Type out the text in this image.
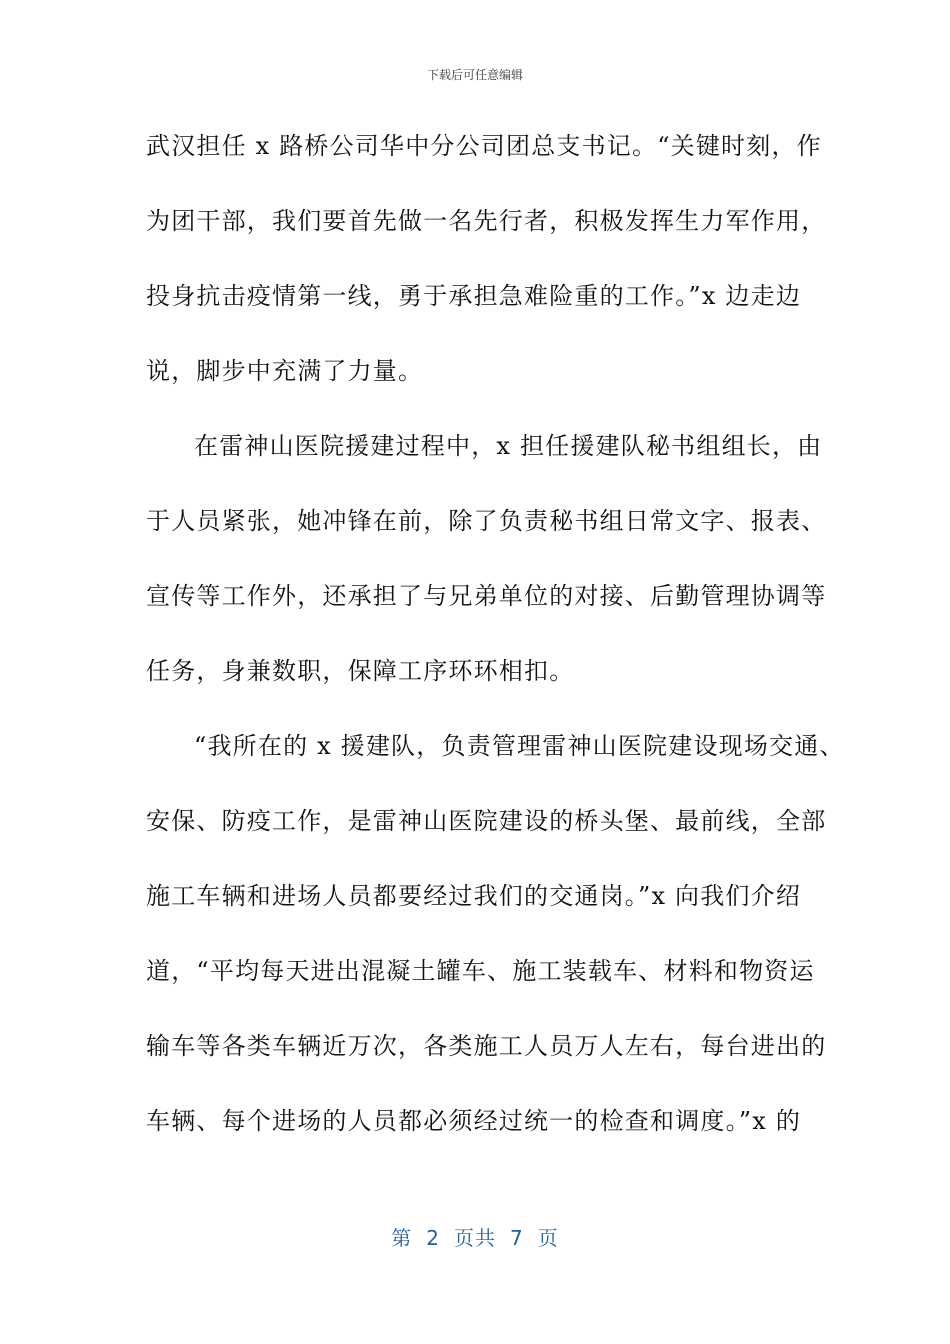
下载后可任意编辑
武汉担任 x 路桥公司华中分公司团总支书记。“关键时刻，作
为团干部，我们要首先做一名先行者，积极发挥生力军作用，
投身抗击疫情第一线，勇于承担急难险重的工作。”x 边走边
说，脚步中充满了力量。
在雷神山医院援建过程中，x 担任援建队秘书组组长，由
于人员紧张，她冲锋在前，除了负责秘书组日常文字、报表、
宣传等工作外，还承担了与兄弟单位的对接、后勤管理协调等
任务，身兼数职，保障工序环环相扣。
“我所在的 x 援建队，负责管理雷神山医院建设现场交通、
安保、防疫工作，是雷神山医院建设的桥头堡、最前线，全部
施工车辆和进场人员都要经过我们的交通岗。”x 向我们介绍
道，“平均每天进出混凝土罐车、施工装载车、材料和物资运
输车等各类车辆近万次，各类施工人员万人左右，每台进出的
车辆、每个进场的人员都必须经过统一的检查和调度。”x 的
第 2 页共 7 页
